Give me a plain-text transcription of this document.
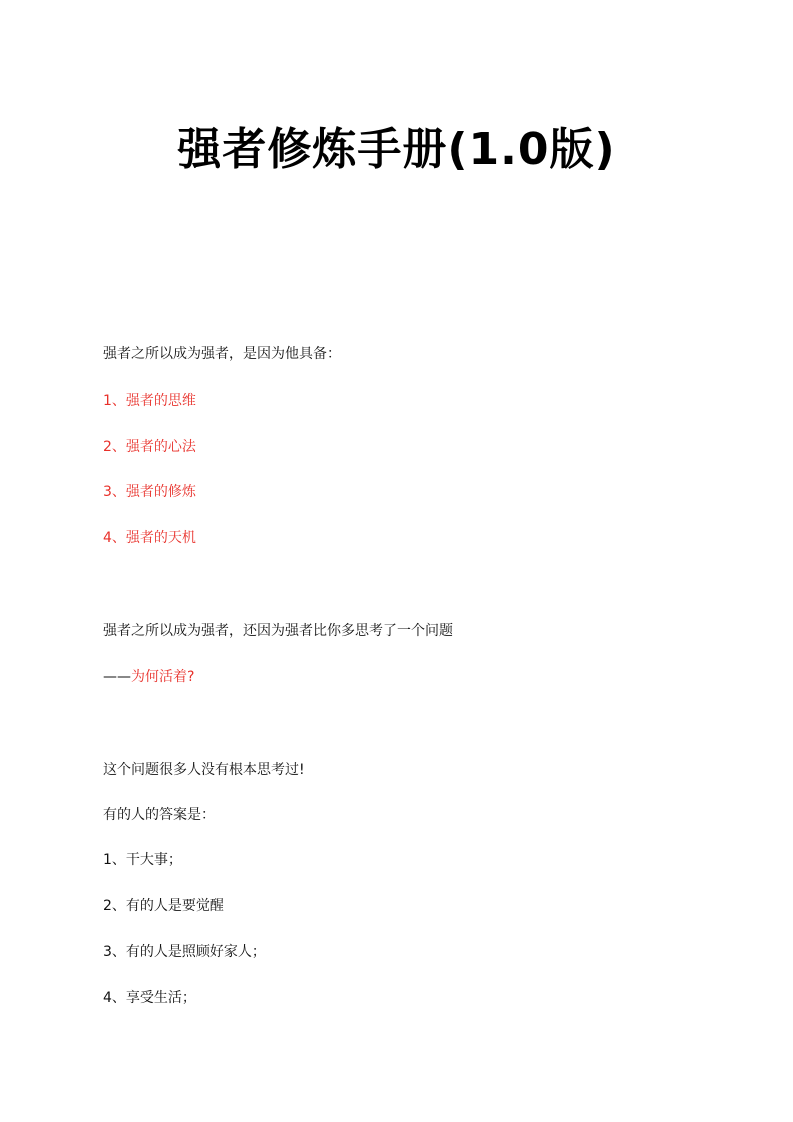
强者修炼手册(1.0版)
强者之所以成为强者，是因为他具备：
1、强者的思维
2、强者的心法
3、强者的修炼
4、强者的天机
强者之所以成为强者，还因为强者比你多思考了一个问题
——为何活着?
这个问题很多人没有根本思考过!
有的人的答案是：
1、干大事；
2、有的人是要觉醒
3、有的人是照顾好家人；
4、享受生活；
